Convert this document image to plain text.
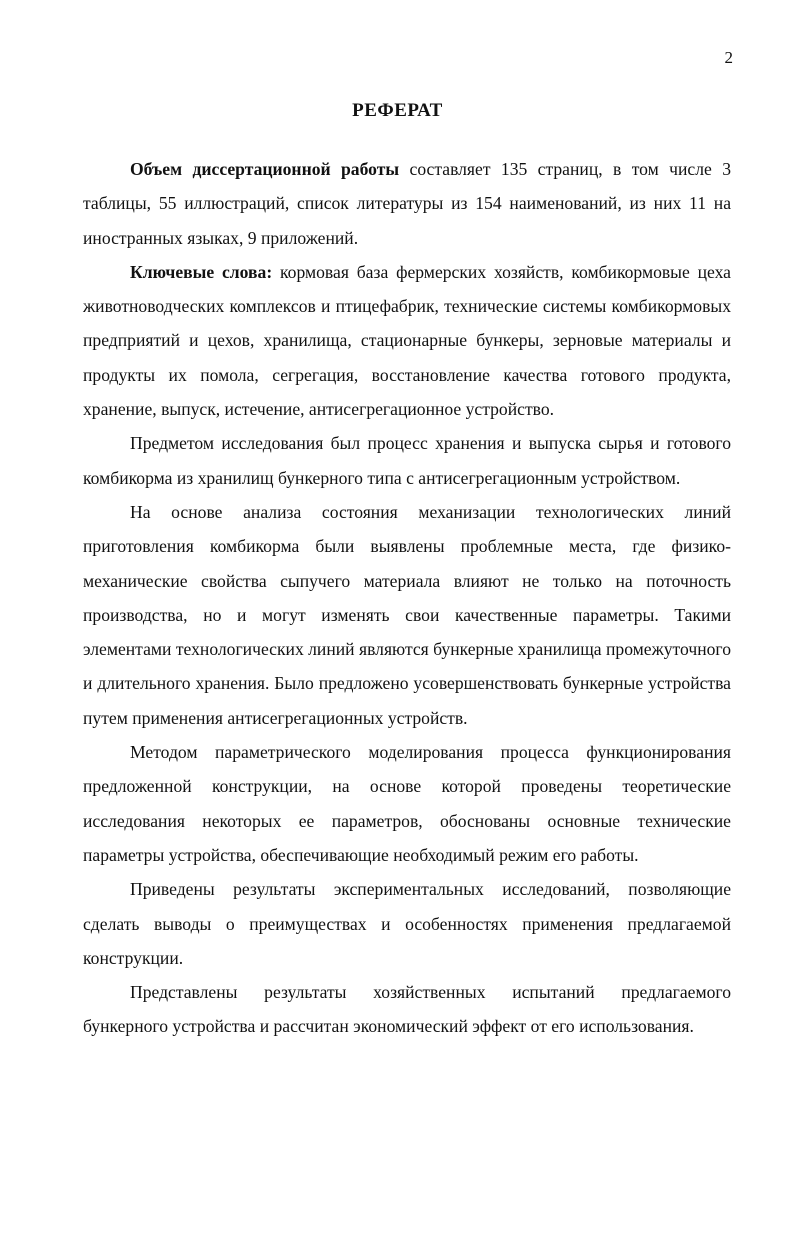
2
РЕФЕРАТ

Объем диссертационной работы составляет 135 страниц, в том числе 3 таблицы, 55 иллюстраций, список литературы из 154 наименований, из них 11 на иностранных языках, 9 приложений.

Ключевые слова: кормовая база фермерских хозяйств, комбикормовые цеха животноводческих комплексов и птицефабрик, технические системы комбикормовых предприятий и цехов, хранилища, стационарные бункеры, зерновые материалы и продукты их помола, сегрегация, восстановление качества готового продукта, хранение, выпуск, истечение, антисегрегационное устройство.

Предметом исследования был процесс хранения и выпуска сырья и готового комбикорма из хранилищ бункерного типа с антисегрегационным устройством.

На основе анализа состояния механизации технологических линий приготовления комбикорма были выявлены проблемные места, где физико-механические свойства сыпучего материала влияют не только на поточность производства, но и могут изменять свои качественные параметры. Такими элементами технологических линий являются бункерные хранилища промежуточного и длительного хранения. Было предложено усовершенствовать бункерные устройства путем применения антисегрегационных устройств.

Методом параметрического моделирования процесса функционирования предложенной конструкции, на основе которой проведены теоретические исследования некоторых ее параметров, обоснованы основные технические параметры устройства, обеспечивающие необходимый режим его работы.

Приведены результаты экспериментальных исследований, позволяющие сделать выводы о преимуществах и особенностях применения предлагаемой конструкции.

Представлены результаты хозяйственных испытаний предлагаемого бункерного устройства и рассчитан экономический эффект от его использования.
